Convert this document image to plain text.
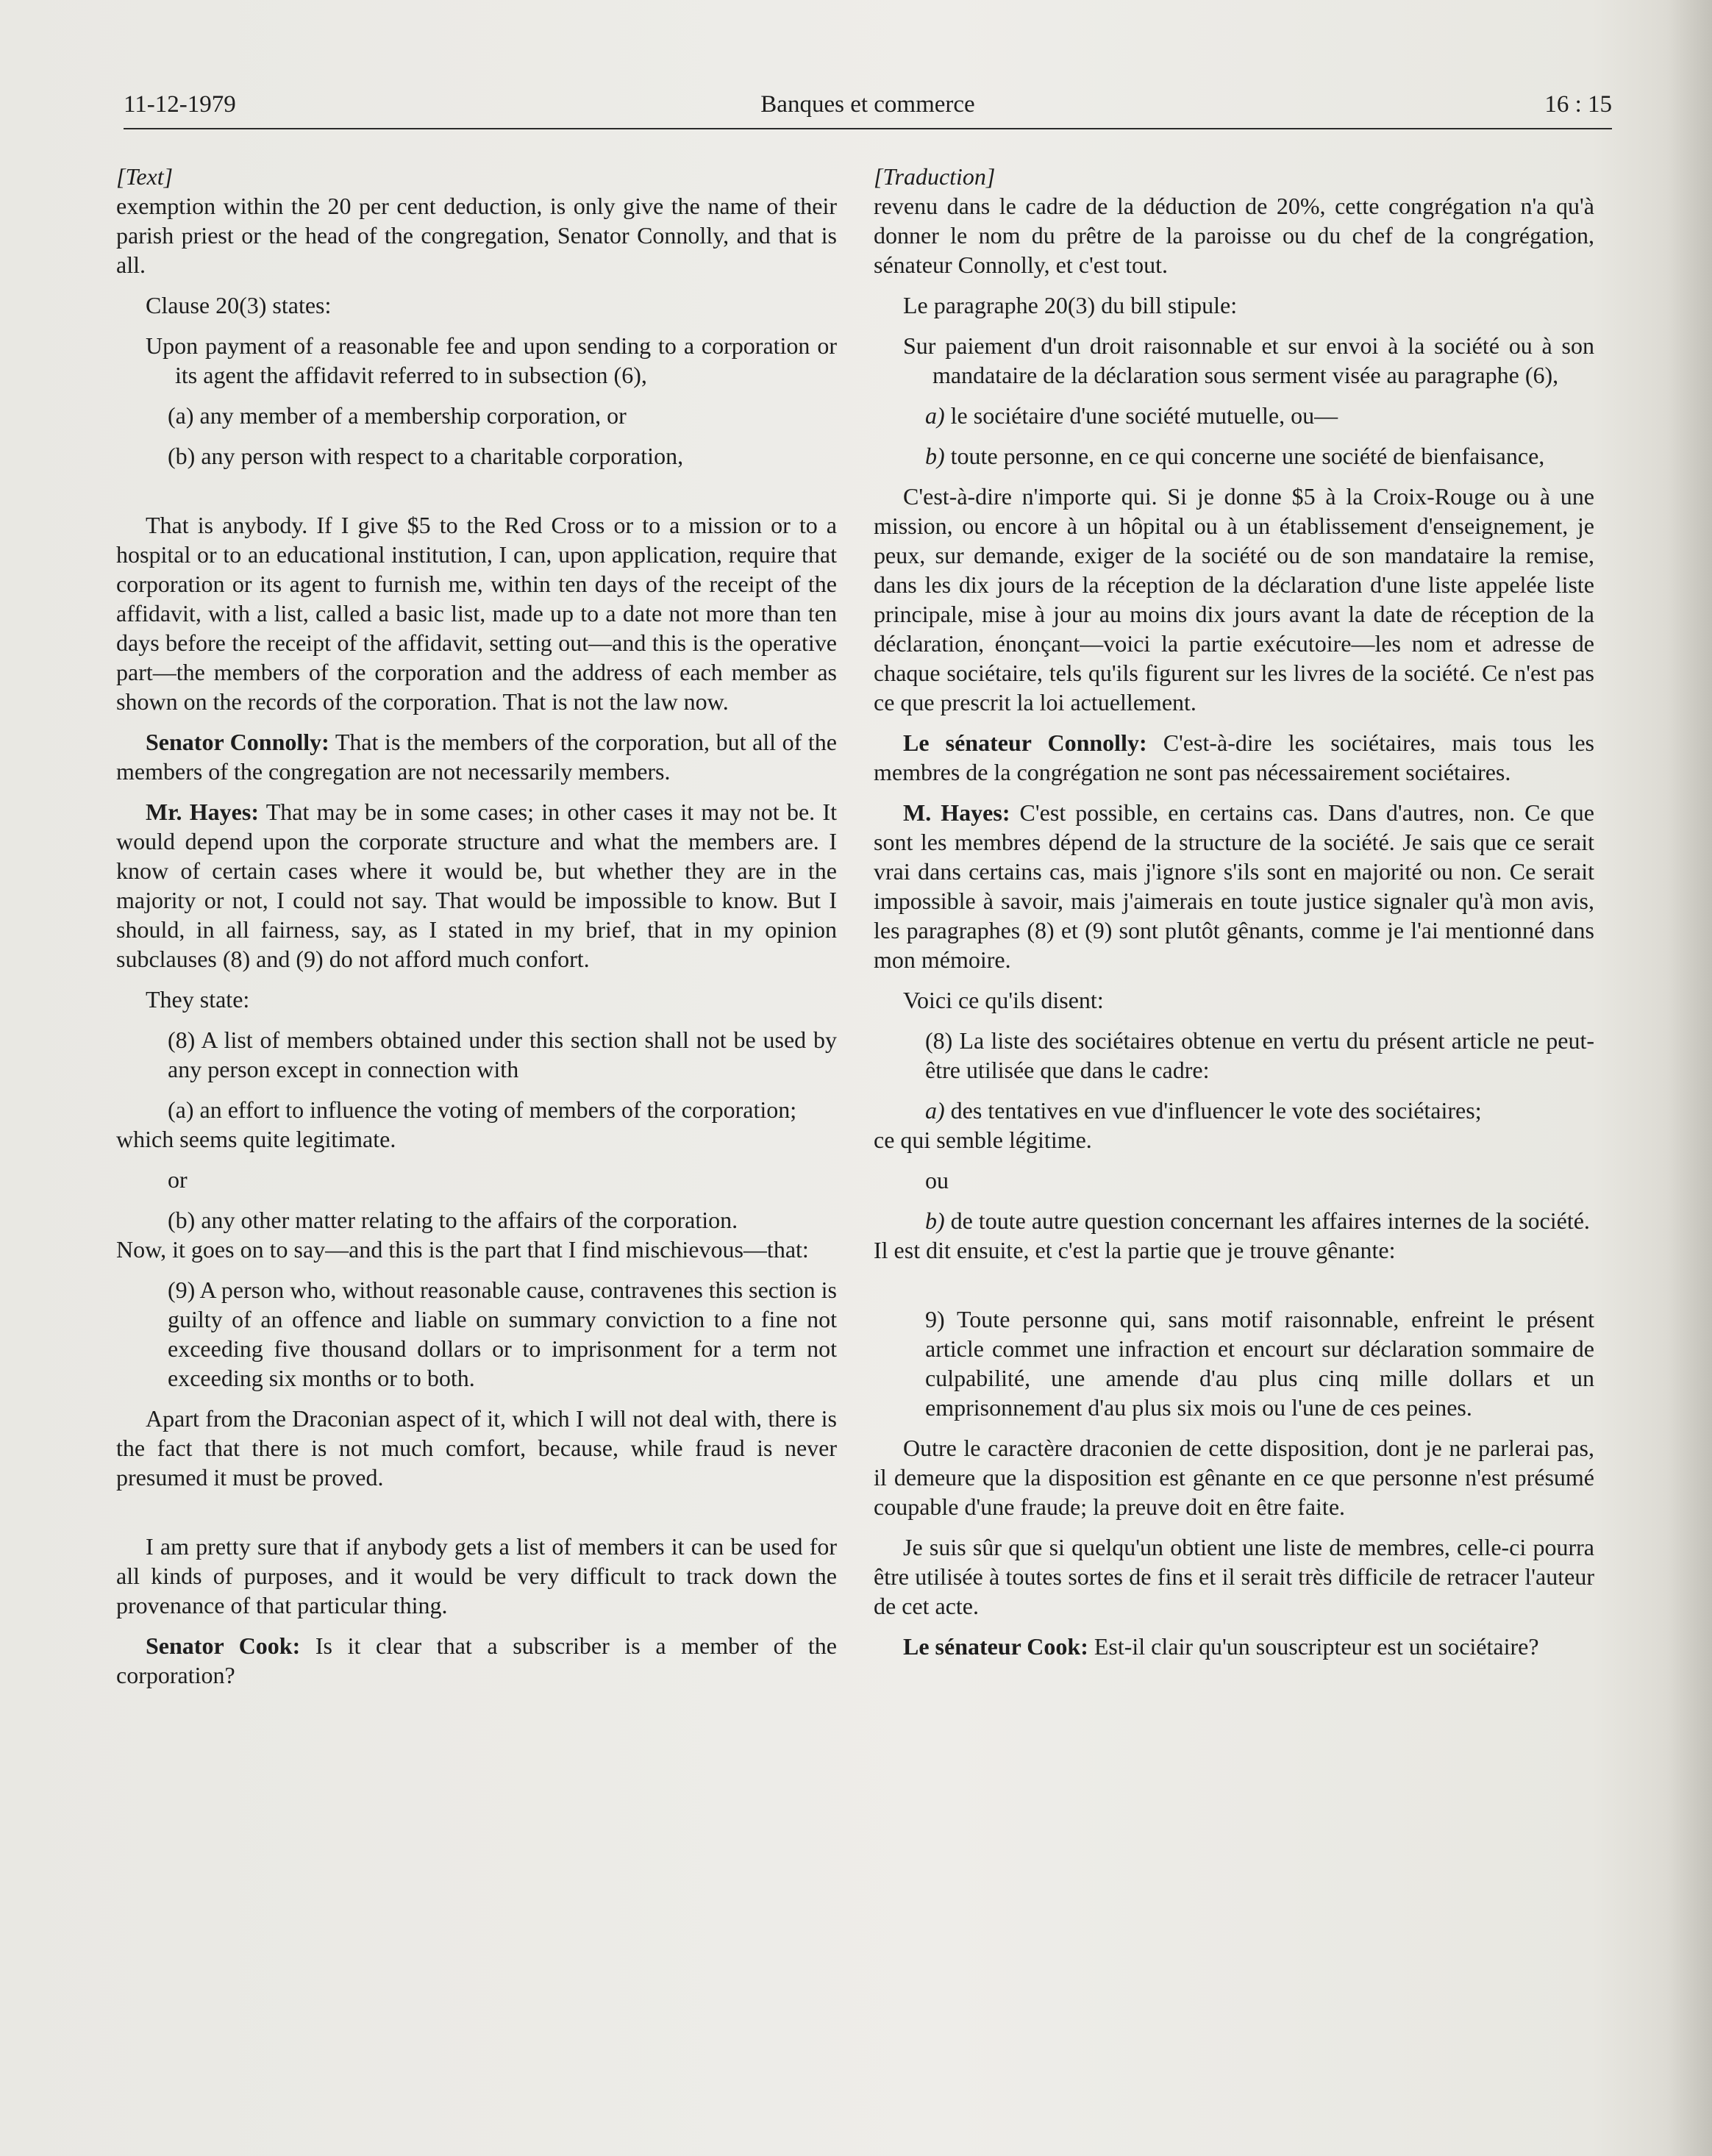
11-12-1979	Banques et commerce	16 : 15

[Text]

exemption within the 20 per cent deduction, is only give the name of their parish priest or the head of the congregation, Senator Connolly, and that is all.

Clause 20(3) states:

Upon payment of a reasonable fee and upon sending to a corporation or its agent the affidavit referred to in subsection (6),

(a) any member of a membership corporation, or

(b) any person with respect to a charitable corporation,

That is anybody. If I give $5 to the Red Cross or to a mission or to a hospital or to an educational institution, I can, upon application, require that corporation or its agent to furnish me, within ten days of the receipt of the affidavit, with a list, called a basic list, made up to a date not more than ten days before the receipt of the affidavit, setting out—and this is the operative part—the members of the corporation and the address of each member as shown on the records of the corporation. That is not the law now.

Senator Connolly: That is the members of the corporation, but all of the members of the congregation are not necessarily members.

Mr. Hayes: That may be in some cases; in other cases it may not be. It would depend upon the corporate structure and what the members are. I know of certain cases where it would be, but whether they are in the majority or not, I could not say. That would be impossible to know. But I should, in all fairness, say, as I stated in my brief, that in my opinion subclauses (8) and (9) do not afford much confort.

They state:

(8) A list of members obtained under this section shall not be used by any person except in connection with

(a) an effort to influence the voting of members of the corporation;

which seems quite legitimate.

or

(b) any other matter relating to the affairs of the corporation.

Now, it goes on to say—and this is the part that I find mischievous—that:

(9) A person who, without reasonable cause, contravenes this section is guilty of an offence and liable on summary conviction to a fine not exceeding five thousand dollars or to imprisonment for a term not exceeding six months or to both.

Apart from the Draconian aspect of it, which I will not deal with, there is the fact that there is not much comfort, because, while fraud is never presumed it must be proved.

I am pretty sure that if anybody gets a list of members it can be used for all kinds of purposes, and it would be very difficult to track down the provenance of that particular thing.

Senator Cook: Is it clear that a subscriber is a member of the corporation?

[Traduction]

revenu dans le cadre de la déduction de 20%, cette congrégation n'a qu'à donner le nom du prêtre de la paroisse ou du chef de la congrégation, sénateur Connolly, et c'est tout.

Le paragraphe 20(3) du bill stipule:

Sur paiement d'un droit raisonnable et sur envoi à la société ou à son mandataire de la déclaration sous serment visée au paragraphe (6),

a) le sociétaire d'une société mutuelle, ou—

b) toute personne, en ce qui concerne une société de bienfaisance,

C'est-à-dire n'importe qui. Si je donne $5 à la Croix-Rouge ou à une mission, ou encore à un hôpital ou à un établissement d'enseignement, je peux, sur demande, exiger de la société ou de son mandataire la remise, dans les dix jours de la réception de la déclaration d'une liste appelée liste principale, mise à jour au moins dix jours avant la date de réception de la déclaration, énonçant—voici la partie exécutoire—les nom et adresse de chaque sociétaire, tels qu'ils figurent sur les livres de la société. Ce n'est pas ce que prescrit la loi actuellement.

Le sénateur Connolly: C'est-à-dire les sociétaires, mais tous les membres de la congrégation ne sont pas nécessairement sociétaires.

M. Hayes: C'est possible, en certains cas. Dans d'autres, non. Ce que sont les membres dépend de la structure de la société. Je sais que ce serait vrai dans certains cas, mais j'ignore s'ils sont en majorité ou non. Ce serait impossible à savoir, mais j'aimerais en toute justice signaler qu'à mon avis, les paragraphes (8) et (9) sont plutôt gênants, comme je l'ai mentionné dans mon mémoire.

Voici ce qu'ils disent:

(8) La liste des sociétaires obtenue en vertu du présent article ne peut-être utilisée que dans le cadre:

a) des tentatives en vue d'influencer le vote des sociétaires;

ce qui semble légitime.

ou

b) de toute autre question concernant les affaires internes de la société.

Il est dit ensuite, et c'est la partie que je trouve gênante:

9) Toute personne qui, sans motif raisonnable, enfreint le présent article commet une infraction et encourt sur déclaration sommaire de culpabilité, une amende d'au plus cinq mille dollars et un emprisonnement d'au plus six mois ou l'une de ces peines.

Outre le caractère draconien de cette disposition, dont je ne parlerai pas, il demeure que la disposition est gênante en ce que personne n'est présumé coupable d'une fraude; la preuve doit en être faite.

Je suis sûr que si quelqu'un obtient une liste de membres, celle-ci pourra être utilisée à toutes sortes de fins et il serait très difficile de retracer l'auteur de cet acte.

Le sénateur Cook: Est-il clair qu'un souscripteur est un sociétaire?
